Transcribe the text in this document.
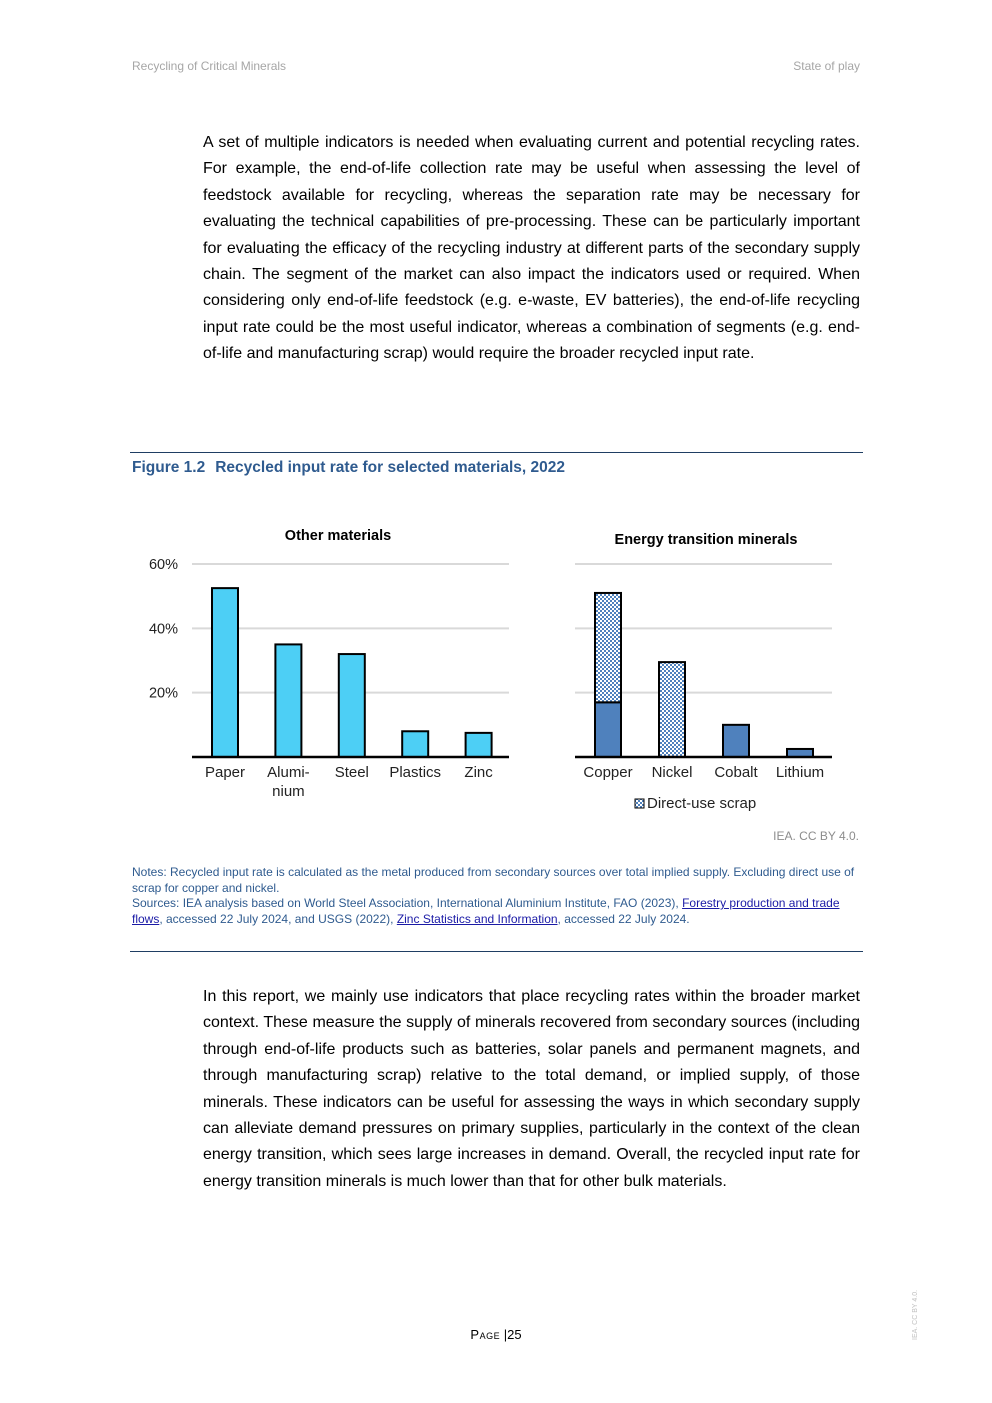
Recycling of Critical Minerals	State of play
A set of multiple indicators is needed when evaluating current and potential recycling rates. For example, the end-of-life collection rate may be useful when assessing the level of feedstock available for recycling, whereas the separation rate may be necessary for evaluating the technical capabilities of pre-processing. These can be particularly important for evaluating the efficacy of the recycling industry at different parts of the secondary supply chain. The segment of the market can also impact the indicators used or required. When considering only end-of-life feedstock (e.g. e-waste, EV batteries), the end-of-life recycling input rate could be the most useful indicator, whereas a combination of segments (e.g. end-of-life and manufacturing scrap) would require the broader recycled input rate.
Figure 1.2 Recycled input rate for selected materials, 2022
20%
40%
60%
Other materials
Paper Alumi-
nium
Steel Plastics Zinc
Energy transition minerals
Copper Nickel Cobalt Lithium
Direct-use scrap
IEA. CC BY 4.0.
Notes: Recycled input rate is calculated as the metal produced from secondary sources over total implied supply. Excluding direct use of scrap for copper and nickel.
Sources: IEA analysis based on World Steel Association, International Aluminium Institute, FAO (2023), Forestry production and trade flows, accessed 22 July 2024, and USGS (2022), Zinc Statistics and Information, accessed 22 July 2024.
In this report, we mainly use indicators that place recycling rates within the broader market context. These measure the supply of minerals recovered from secondary sources (including through end-of-life products such as batteries, solar panels and permanent magnets, and through manufacturing scrap) relative to the total demand, or implied supply, of those minerals. These indicators can be useful for assessing the ways in which secondary supply can alleviate demand pressures on primary supplies, particularly in the context of the clean energy transition, which sees large increases in demand. Overall, the recycled input rate for energy transition minerals is much lower than that for other bulk materials.
Page |25	IEA. CC BY 4.0.
